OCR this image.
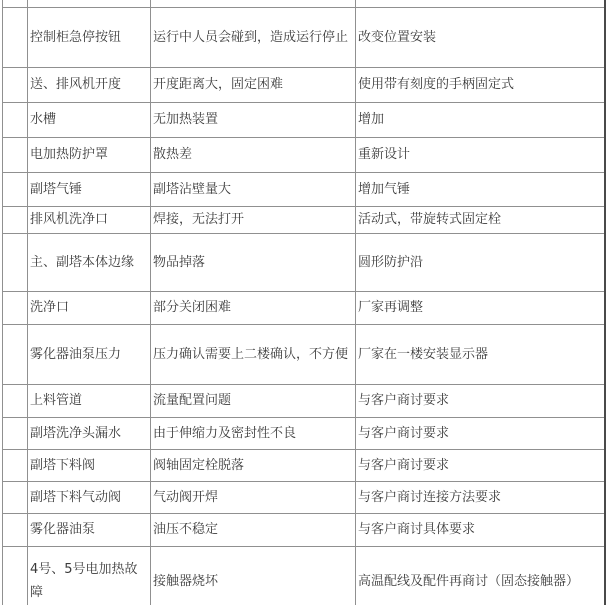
	控制柜急停按钮	运行中人员会碰到，造成运行停止	改变位置安装
	送、排风机开度	开度距离大，固定困难	使用带有刻度的手柄固定式
	水槽	无加热装置	增加
	电加热防护罩	散热差	重新设计
	副塔气锤	副塔沾壁量大	增加气锤
	排风机洗净口	焊接，无法打开	活动式，带旋转式固定栓
	主、副塔本体边缘	物品掉落	圆形防护沿
	洗净口	部分关闭困难	厂家再调整
	雾化器油泵压力	压力确认需要上二楼确认，不方便	厂家在一楼安装显示器
	上料管道	流量配置问题	与客户商讨要求
	副塔洗净头漏水	由于伸缩力及密封性不良	与客户商讨要求
	副塔下料阀	阀轴固定栓脱落	与客户商讨要求
	副塔下料气动阀	气动阀开焊	与客户商讨连接方法要求
	雾化器油泵	油压不稳定	与客户商讨具体要求
	4号、5号电加热故障	接触器烧坏	高温配线及配件再商讨（固态接触器）
